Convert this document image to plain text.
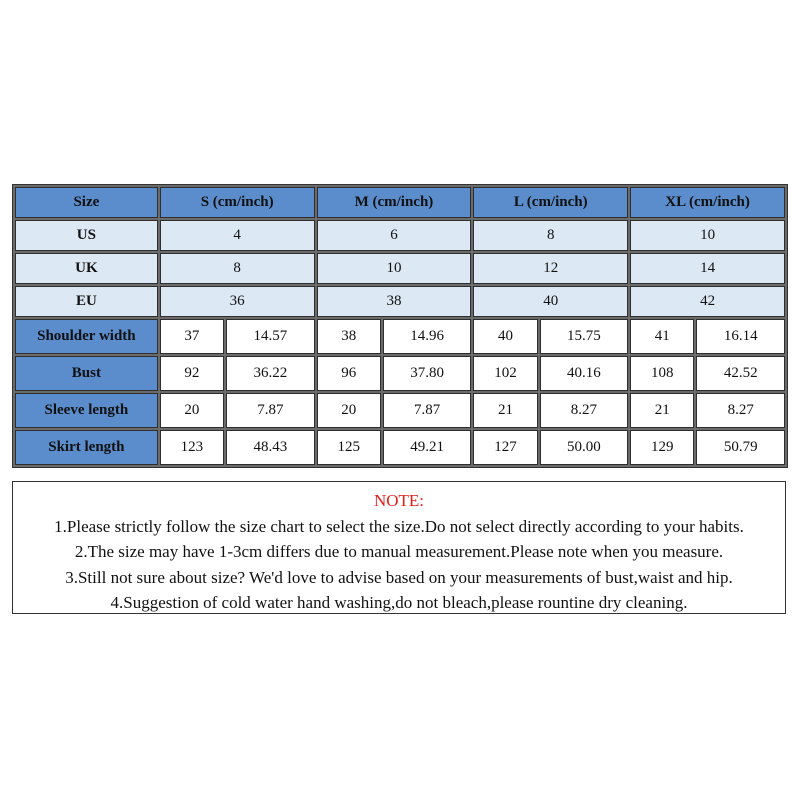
Size	S (cm/inch)		M (cm/inch)		L (cm/inch)		XL (cm/inch)	
US	4		6		8		10	
UK	8		10		12		14	
EU	36		38		40		42	
Shoulder width	37	14.57	38	14.96	40	15.75	41	16.14
Bust	92	36.22	96	37.80	102	40.16	108	42.52
Sleeve length	20	7.87	20	7.87	21	8.27	21	8.27
Skirt length	123	48.43	125	49.21	127	50.00	129	50.79
NOTE:
1.Please strictly follow the size chart to select the size.Do not select directly according to your habits.
2.The size may have 1-3cm differs due to manual measurement.Please note when you measure.
3.Still not sure about size? We'd love to advise based on your measurements of bust,waist and hip.
4.Suggestion of cold water hand washing,do not bleach,please rountine dry cleaning.
